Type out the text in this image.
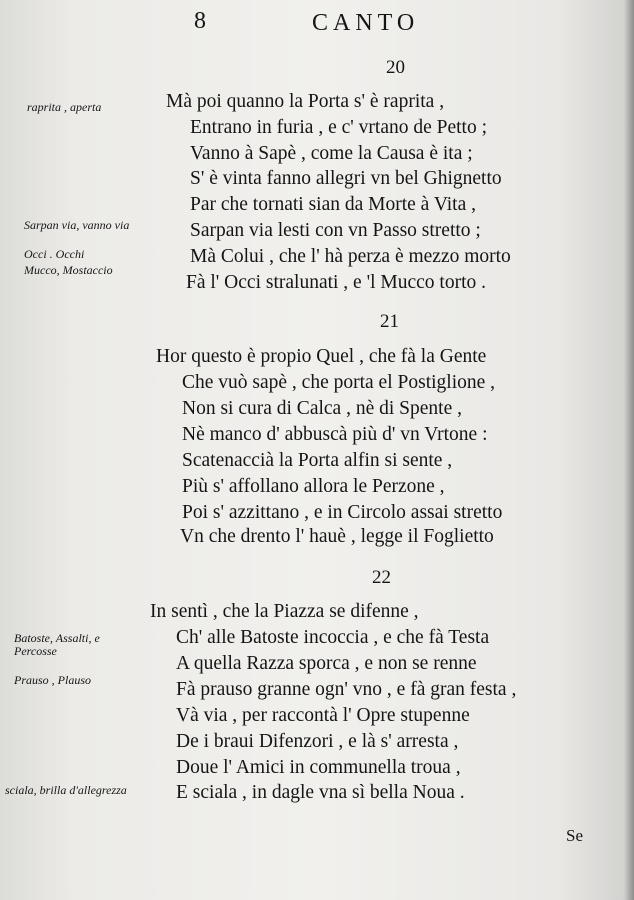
8	CANTO
20
Mà poi quanno la Porta s' è raprita ,
Entrano in furia , e c' vrtano de Petto ;
Vanno à Sapè , come la Causa è ita ;
S' è vinta fanno allegri vn bel Ghignetto
Par che tornati sian da Morte à Vita ,
Sarpan via lesti con vn Passo stretto ;
Mà Colui , che l' hà perza è mezzo morto
Fà l' Occi stralunati , e 'l Mucco torto .
21
Hor questo è propio Quel , che fà la Gente
Che vuò sapè , che porta el Postiglione ,
Non si cura di Calca , nè di Spente ,
Nè manco d' abbuscà più d' vn Vrtone :
Scatenaccià la Porta alfin si sente ,
Più s' affollano allora le Perzone ,
Poi s' azzittano , e in Circolo assai stretto
Vn che drento l' hauè , legge il Foglietto
22
In sentì , che la Piazza se difenne ,
Ch' alle Batoste incoccia , e che fà Testa
A quella Razza sporca , e non se renne
Fà prauso granne ogn' vno , e fà gran festa ,
Và via , per raccontà l' Opre stupenne
De i braui Difenzori , e là s' arresta ,
Doue l' Amici in communella troua ,
E sciala , in dagle vna sì bella Noua .
raprita , aperta
Sarpan via, vanno via
Occi . Occhi
Mucco, Mostaccio
Batoste, Assalti, e Percosse
Prauso , Plauso
sciala, brilla d'allegrezza
Se
